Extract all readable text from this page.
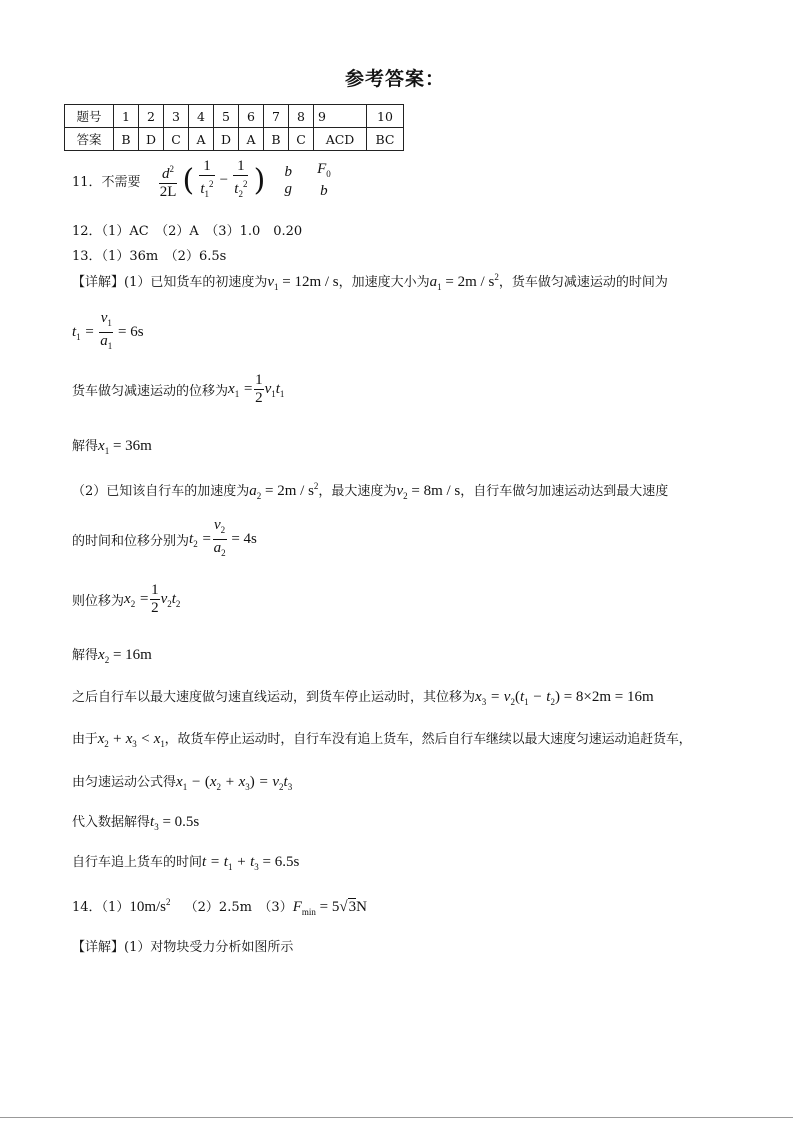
参考答案：
题号	1	2	3	4	5	6	7	8	9	10
答案	B	D	C	A	D	A	B	C	ACD	BC
11．不需要 $\frac{d^2}{2L}$ ( $\frac{1}{t_1^2} - \frac{1}{t_2^2}$ ) b
g

$F_0$
b
12．（1）AC　（2）A　（3）1.0　0.20
13．（1）36m　（2）6.5s
【详解】(1）已知货车的初速度为$v_1 = 12m / s$，加速度大小为$a_1 = 2m / s^2$，货车做匀减速运动的时间为
$t_1 = \frac{v_1}{a_1} = 6s$
货车做匀减速运动的位移为$x_1 = \frac{1}{2} v_1t_1$
解得$x_1 = 36m$
（2）已知该自行车的加速度为$a_2 = 2m / s^2$，最大速度为$v_2 = 8m / s$，自行车做匀加速运动达到最大速度
的时间和位移分别为$t_2 = \frac{v_2}{a_2} = 4s$
则位移为$x_2 = \frac{1}{2} v_2t_2$
解得$x_2 = 16m$
之后自行车以最大速度做匀速直线运动，到货车停止运动时，其位移为$x_3 = v_2(t_1 - t_2) = 8\times 2m = 16m$
由于$x_2 + x_3 < x_1$，故货车停止运动时，自行车没有追上货车，然后自行车继续以最大速度匀速运动追赶货车，
由匀速运动公式得$x_1 - (x_2 + x_3) = v_2t_3$
代入数据解得$t_3 = 0.5s$
自行车追上货车的时间$t = t_1 + t_3 = 6.5s$
14．$(1)10m/s^2$ （2）2.5m　$(3)F_{min} = 5√3N$
【详解】(1）对物块受力分析如图所示
